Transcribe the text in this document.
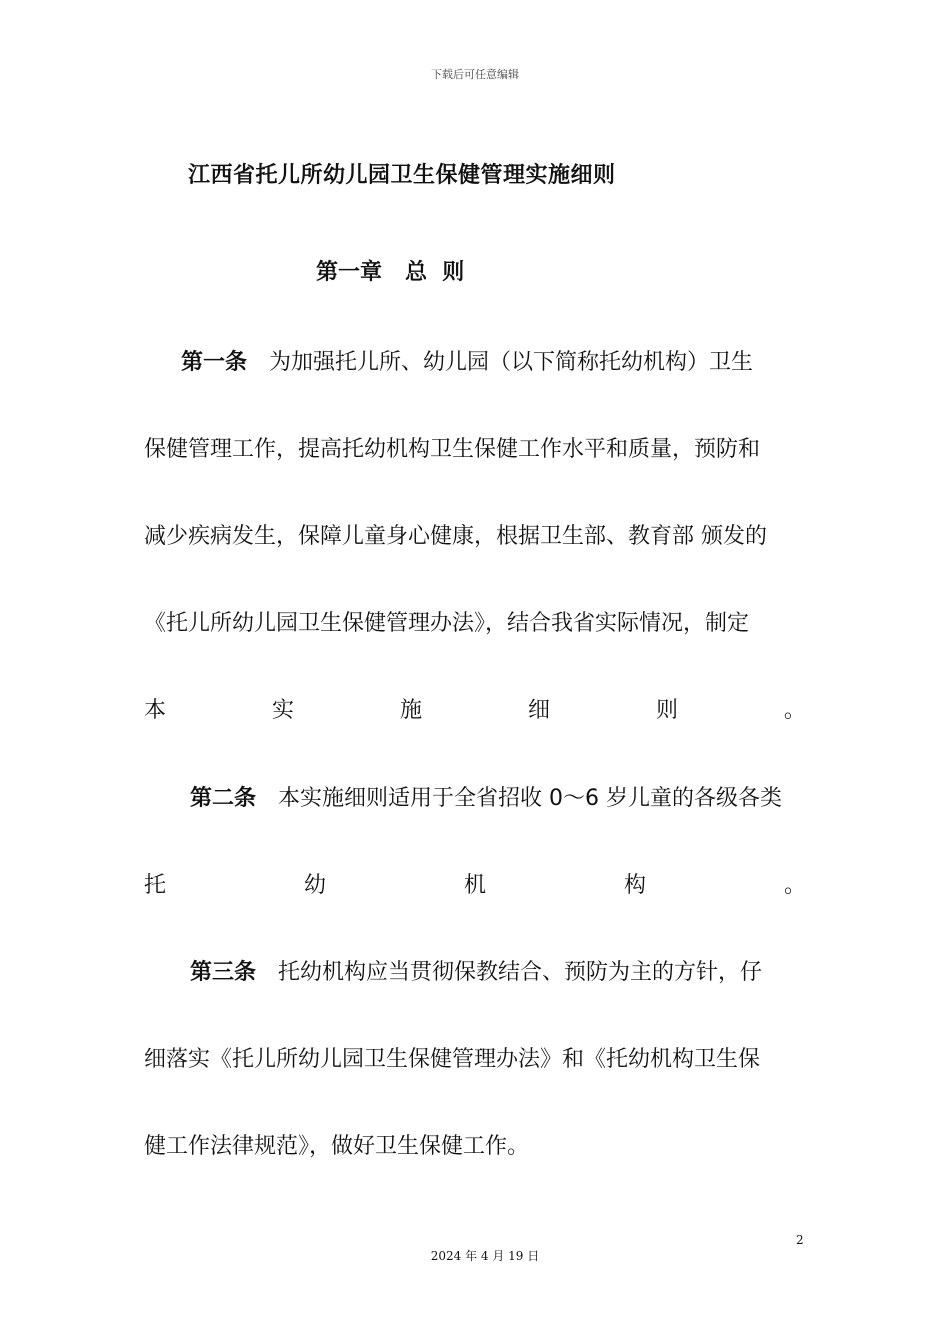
下载后可任意编辑
江西省托儿所幼儿园卫生保健管理实施细则
第一章   总  则
第一条 为加强托儿所、幼儿园（以下简称托幼机构）卫生
保健管理工作，提高托幼机构卫生保健工作水平和质量，预防和
减少疾病发生，保障儿童身心健康，根据卫生部、教育部 颁发的
《托儿所幼儿园卫生保健管理办法》，结合我省实际情况，制定
本	实	施	细	则	。
第二条 本实施细则适用于全省招收 0～6 岁儿童的各级各类
托	幼	机	构	。
第三条 托幼机构应当贯彻保教结合、预防为主的方针，仔
细落实《托儿所幼儿园卫生保健管理办法》和《托幼机构卫生保
健工作法律规范》，做好卫生保健工作。
2
2024 年 4 月 19 日
